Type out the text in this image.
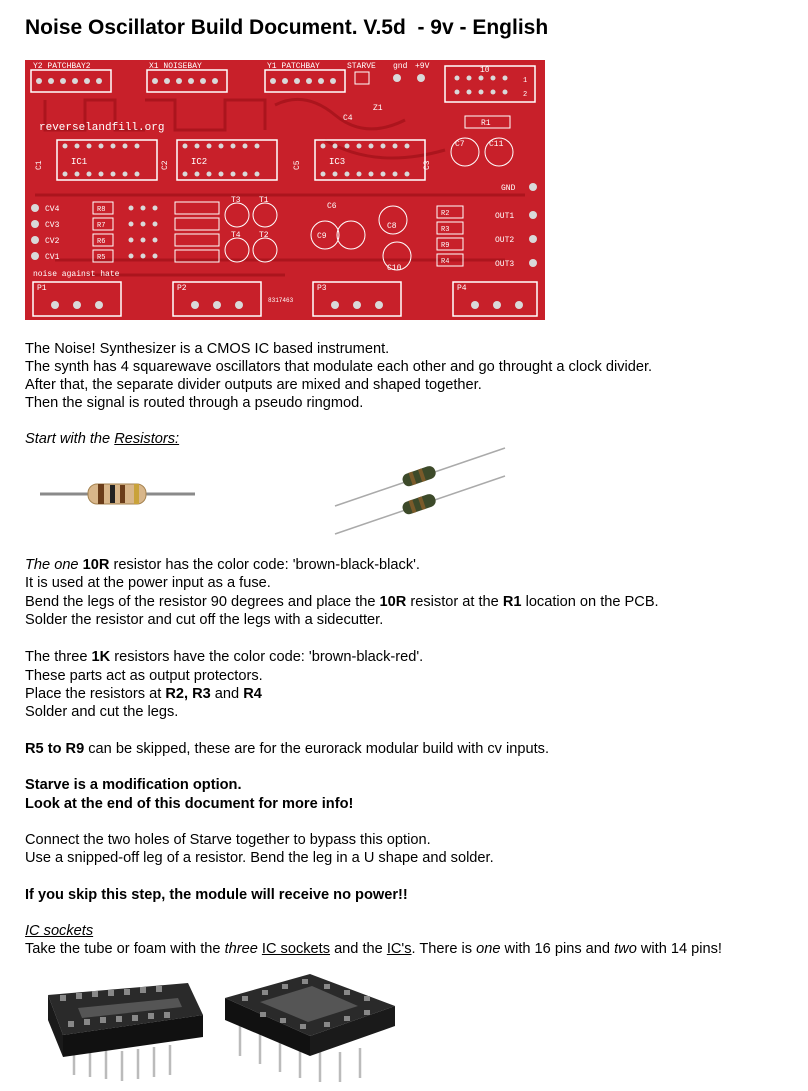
Noise Oscillator Build Document. V.5d  - 9v - English
Y2 PATCHBAY2	X1 NOISEBAY	Y1 PATCHBAY	STARVE gnd +9V	10
1
2
reverselandfill.org
Z1
R1
C4
C7	C11
IC1	IC2	IC3
C1	C2	C5	C3
GND
CV4
CV3
CV2
CV1
R8
R7
R6
R5
T3 T1
T4 T2
C6
C9
C8
C10
R2
R3
R9
R4
OUT1
OUT2
OUT3
noise against hate
P1	P2	P3	P4
8317463
The Noise! Synthesizer is a CMOS IC based instrument.
The synth has 4 squarewave oscillators that modulate each other and go throught a clock divider.
After that, the separate divider outputs are mixed and shaped together.
Then the signal is routed through a pseudo ringmod.
Start with the Resistors:
The one 10R resistor has the color code: 'brown-black-black'.
It is used at the power input as a fuse.
Bend the legs of the resistor 90 degrees and place the 10R resistor at the R1 location on the PCB.
Solder the resistor and cut off the legs with a sidecutter.
The three 1K resistors have the color code: 'brown-black-red'.
These parts act as output protectors.
Place the resistors at R2, R3 and R4
Solder and cut the legs.
R5 to R9 can be skipped, these are for the eurorack modular build with cv inputs.
Starve is a modification option.
Look at the end of this document for more info!
Connect the two holes of Starve together to bypass this option.
Use a snipped-off leg of a resistor. Bend the leg in a U shape and solder.
If you skip this step, the module will receive no power!!
IC sockets
Take the tube or foam with the three IC sockets and the IC's. There is one with 16 pins and two with 14 pins!
